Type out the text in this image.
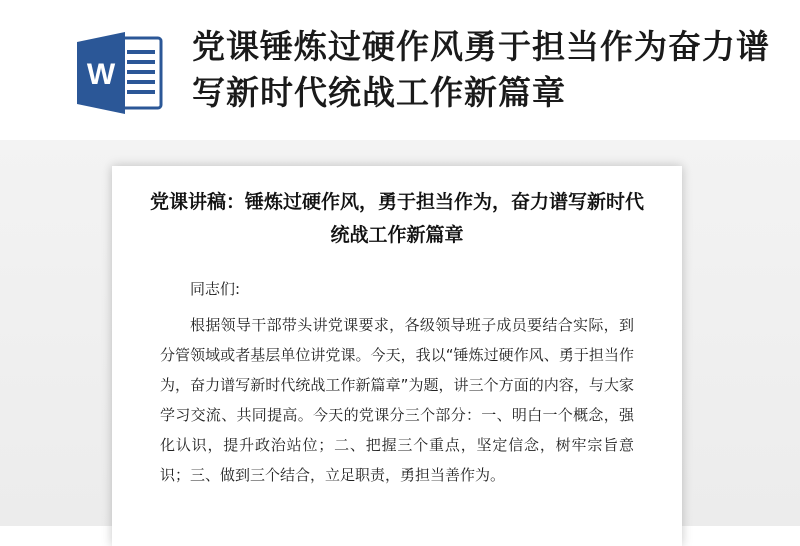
W
党课锤炼过硬作风勇于担当作为奋力谱写新时代统战工作新篇章
党课讲稿：锤炼过硬作风，勇于担当作为，奋力谱写新时代统战工作新篇章

同志们:

根据领导干部带头讲党课要求，各级领导班子成员要结合实际，到分管领域或者基层单位讲党课。今天，我以“锤炼过硬作风、勇于担当作为，奋力谱写新时代统战工作新篇章”为题，讲三个方面的内容，与大家学习交流、共同提高。今天的党课分三个部分：一、明白一个概念，强化认识，提升政治站位；二、把握三个重点，坚定信念，树牢宗旨意识；三、做到三个结合，立足职责，勇担当善作为。
